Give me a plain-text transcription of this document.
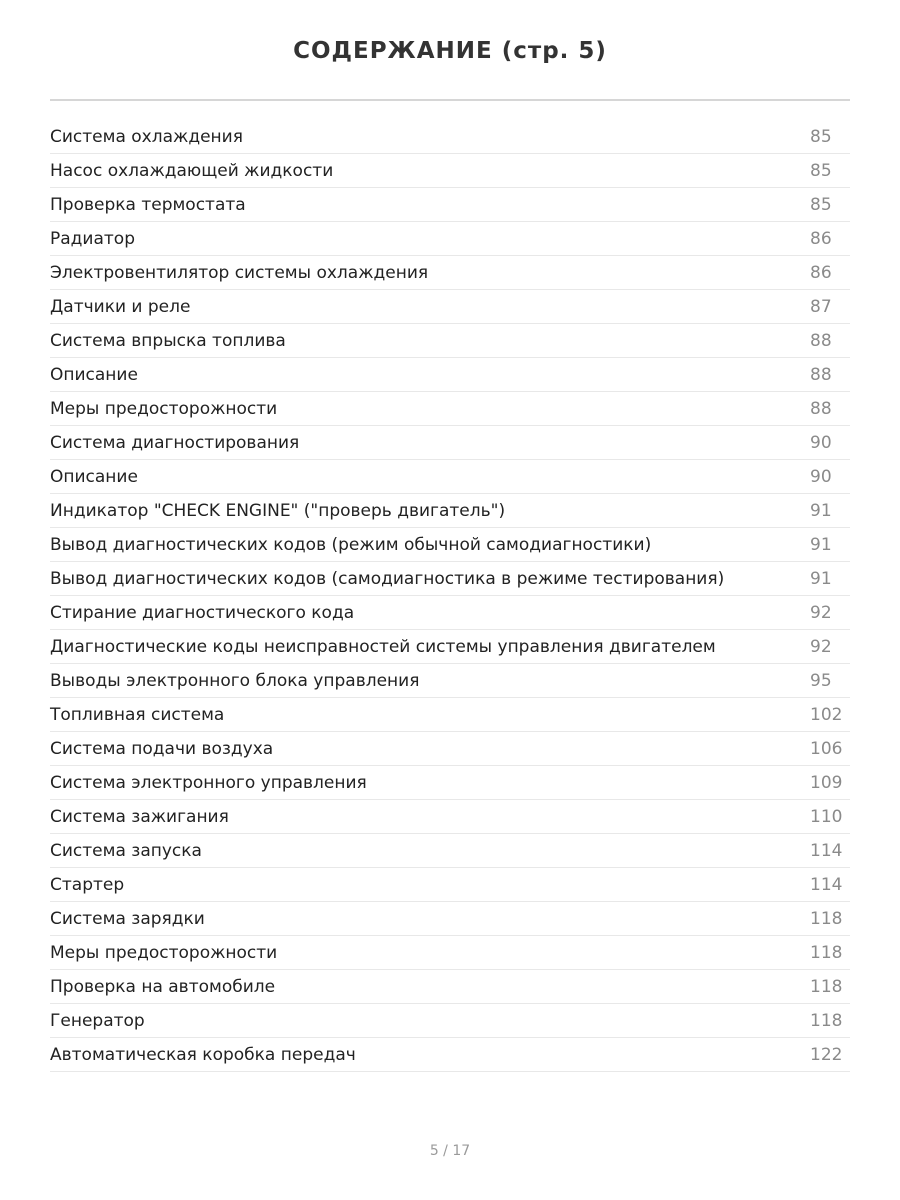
СОДЕРЖАНИЕ (стр. 5)
Система охлаждения	85
Насос охлаждающей жидкости	85
Проверка термостата	85
Радиатор	86
Электровентилятор системы охлаждения	86
Датчики и реле	87
Система впрыска топлива	88
Описание	88
Меры предосторожности	88
Система диагностирования	90
Описание	90
Индикатор "CHECK ENGINE" ("проверь двигатель")	91
Вывод диагностических кодов (режим обычной самодиагностики)	91
Вывод диагностических кодов (самодиагностика в режиме тестирования)	91
Стирание диагностического кода	92
Диагностические коды неисправностей системы управления двигателем	92
Выводы электронного блока управления	95
Топливная система	102
Система подачи воздуха	106
Система электронного управления	109
Система зажигания	110
Система запуска	114
Стартер	114
Система зарядки	118
Меры предосторожности	118
Проверка на автомобиле	118
Генератор	118
Автоматическая коробка передач	122
5 / 17
